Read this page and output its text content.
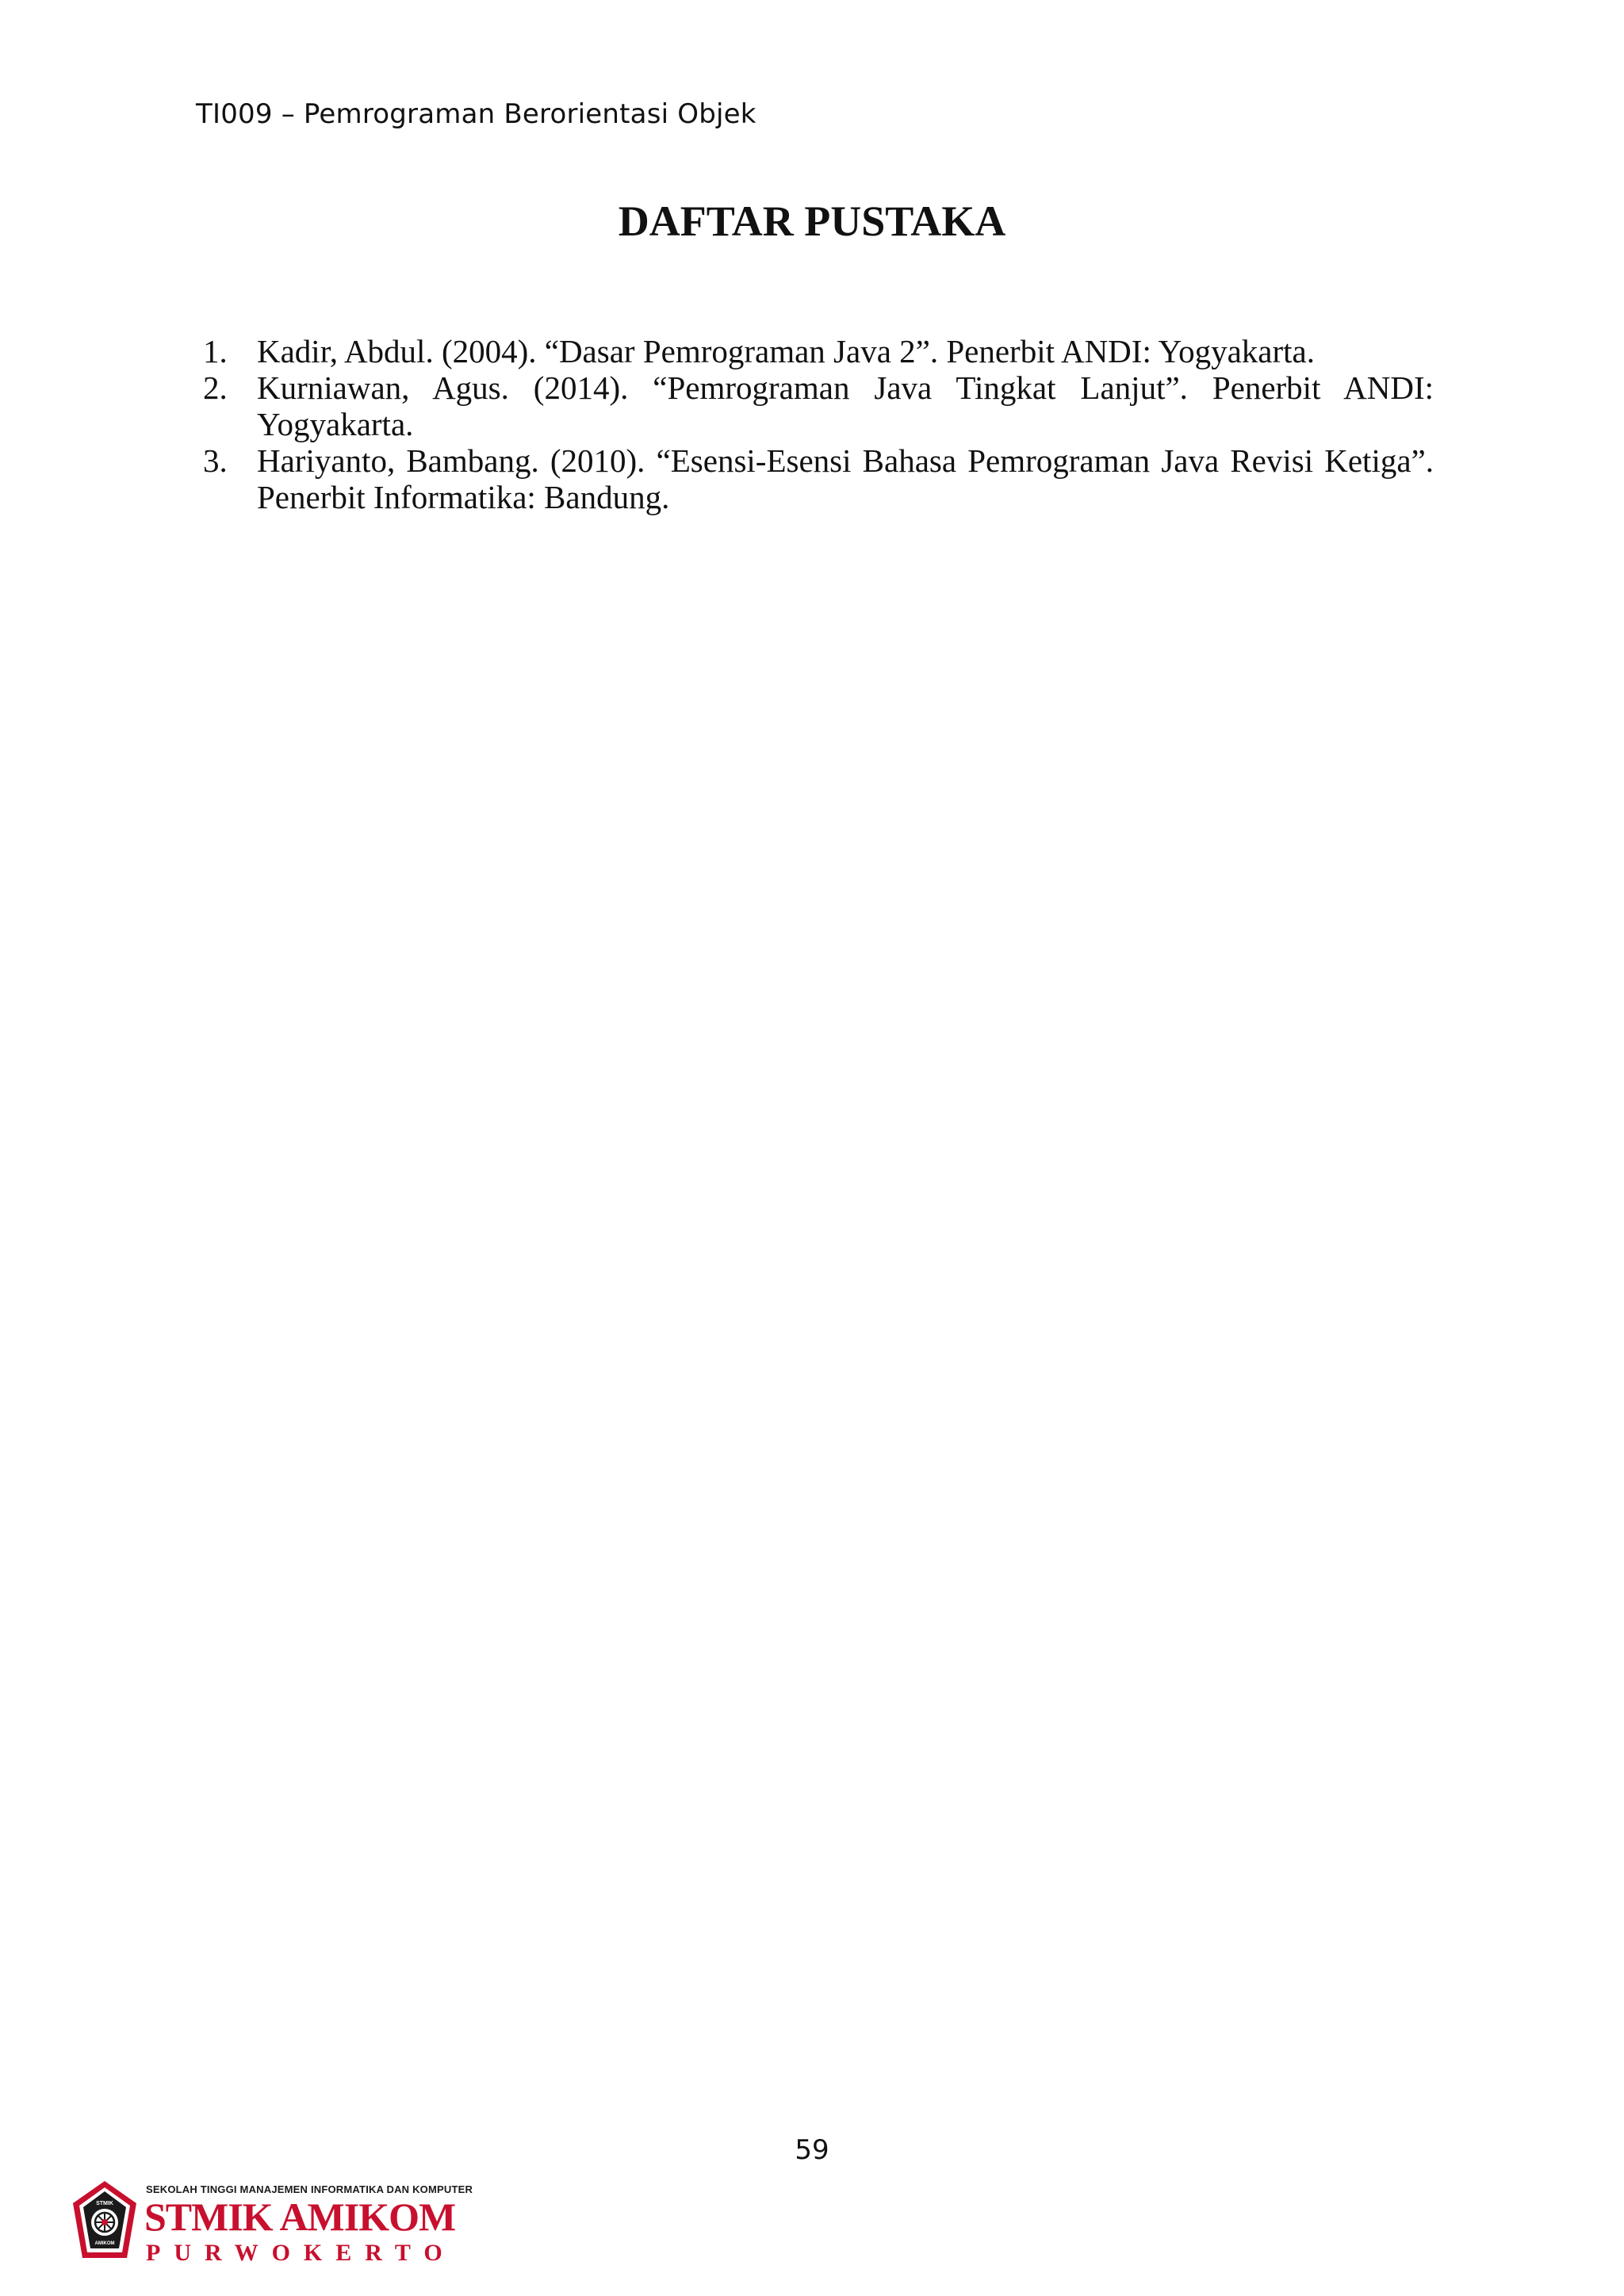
TI009 – Pemrograman Berorientasi Objek
DAFTAR PUSTAKA
1. Kadir, Abdul. (2004). “Dasar Pemrograman Java 2”. Penerbit ANDI: Yogyakarta.
2. Kurniawan, Agus. (2014). “Pemrograman Java Tingkat Lanjut”. Penerbit ANDI: Yogyakarta.
3. Hariyanto, Bambang. (2010). “Esensi-Esensi Bahasa Pemrograman Java Revisi Ketiga”. Penerbit Informatika: Bandung.
59
STMIK
AMIKOM
SEKOLAH TINGGI MANAJEMEN INFORMATIKA DAN KOMPUTER
STMIK AMIKOM
PURWOKERTO
